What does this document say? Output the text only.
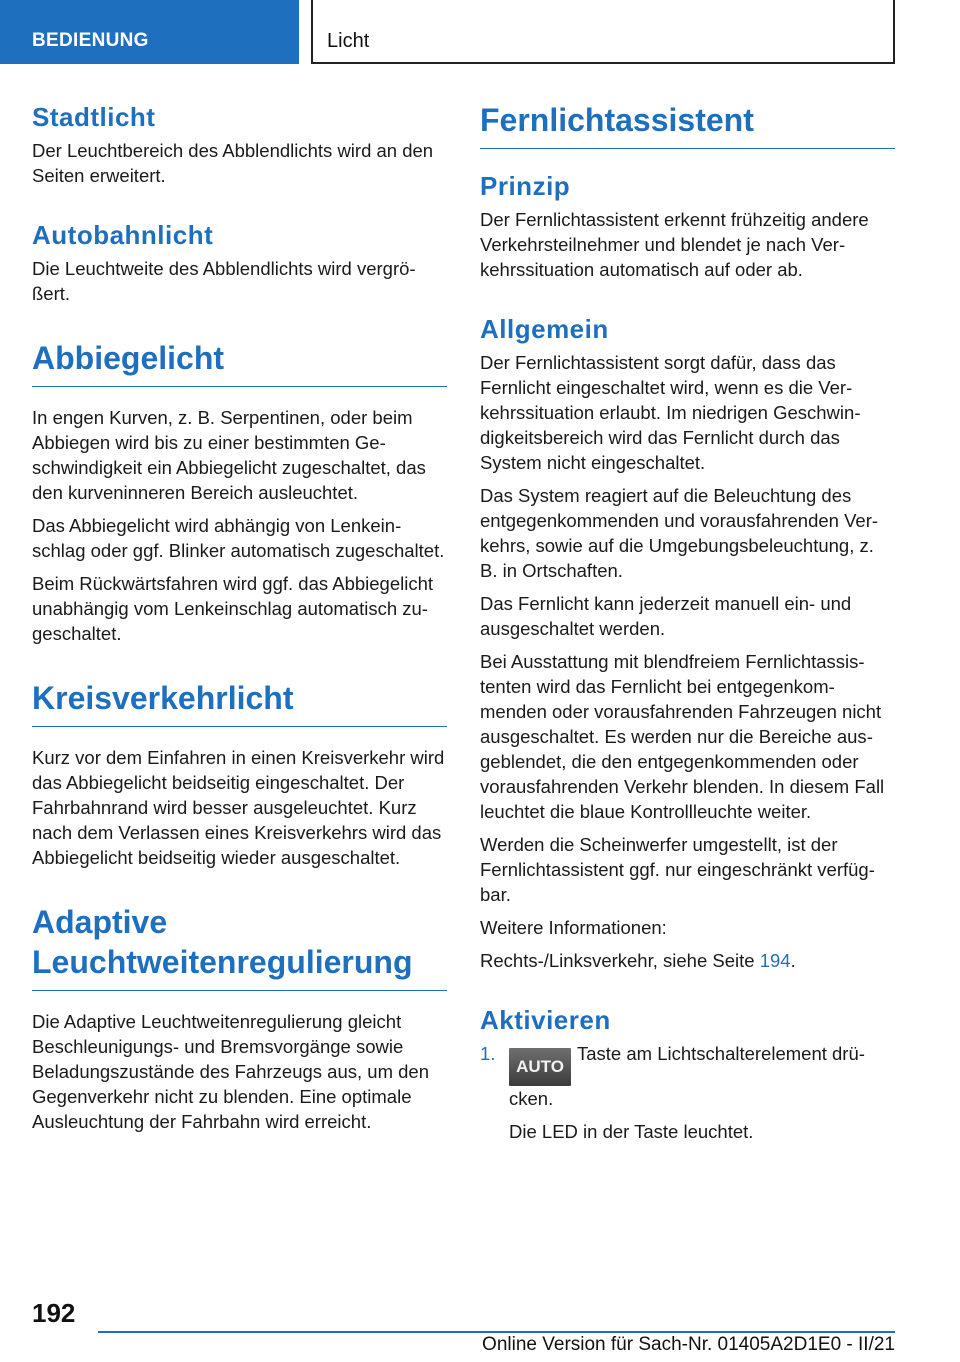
BEDIENUNG	Licht
Stadtlicht

Der Leuchtbereich des Abblendlichts wird an den Seiten erweitert.

Autobahnlicht

Die Leuchtweite des Abblendlichts wird vergrößert.

Abbiegelicht

In engen Kurven, z. B. Serpentinen, oder beim Abbiegen wird bis zu einer bestimmten Geschwindigkeit ein Abbiegelicht zugeschaltet, das den kurveninneren Bereich ausleuchtet.

Das Abbiegelicht wird abhängig von Lenkeinschlag oder ggf. Blinker automatisch zugeschaltet.

Beim Rückwärtsfahren wird ggf. das Abbiegelicht unabhängig vom Lenkeinschlag automatisch zugeschaltet.

Kreisverkehrlicht

Kurz vor dem Einfahren in einen Kreisverkehr wird das Abbiegelicht beidseitig eingeschaltet. Der Fahrbahnrand wird besser ausgeleuchtet. Kurz nach dem Verlassen eines Kreisverkehrs wird das Abbiegelicht beidseitig wieder ausgeschaltet.

Adaptive
Leuchtweitenregulierung

Die Adaptive Leuchtweitenregulierung gleicht Beschleunigungs- und Bremsvorgänge sowie Beladungszustände des Fahrzeugs aus, um den Gegenverkehr nicht zu blenden. Eine optimale Ausleuchtung der Fahrbahn wird erreicht.

Fernlichtassistent
Prinzip

Der Fernlichtassistent erkennt frühzeitig andere Verkehrsteilnehmer und blendet je nach Verkehrssituation automatisch auf oder ab.

Allgemein

Der Fernlichtassistent sorgt dafür, dass das Fernlicht eingeschaltet wird, wenn es die Verkehrssituation erlaubt. Im niedrigen Geschwindigkeitsbereich wird das Fernlicht durch das System nicht eingeschaltet.

Das System reagiert auf die Beleuchtung des entgegenkommenden und vorausfahrenden Verkehrs, sowie auf die Umgebungsbeleuchtung, z. B. in Ortschaften.

Das Fernlicht kann jederzeit manuell ein- und ausgeschaltet werden.

Bei Ausstattung mit blendfreiem Fernlichtassistenten wird das Fernlicht bei entgegenkommenden oder vorausfahrenden Fahrzeugen nicht ausgeschaltet. Es werden nur die Bereiche ausgeblendet, die den entgegenkommenden oder vorausfahrenden Verkehr blenden. In diesem Fall leuchtet die blaue Kontrollleuchte weiter.

Werden die Scheinwerfer umgestellt, ist der Fernlichtassistent ggf. nur eingeschränkt verfügbar.

Weitere Informationen:

Rechts-/Linksverkehr, siehe Seite 194.

Aktivieren
1.

AUTOTaste am Lichtschalterelement drücken.

Die LED in der Taste leuchtet.

192
Online Version für Sach-Nr. 01405A2D1E0 - II/21
